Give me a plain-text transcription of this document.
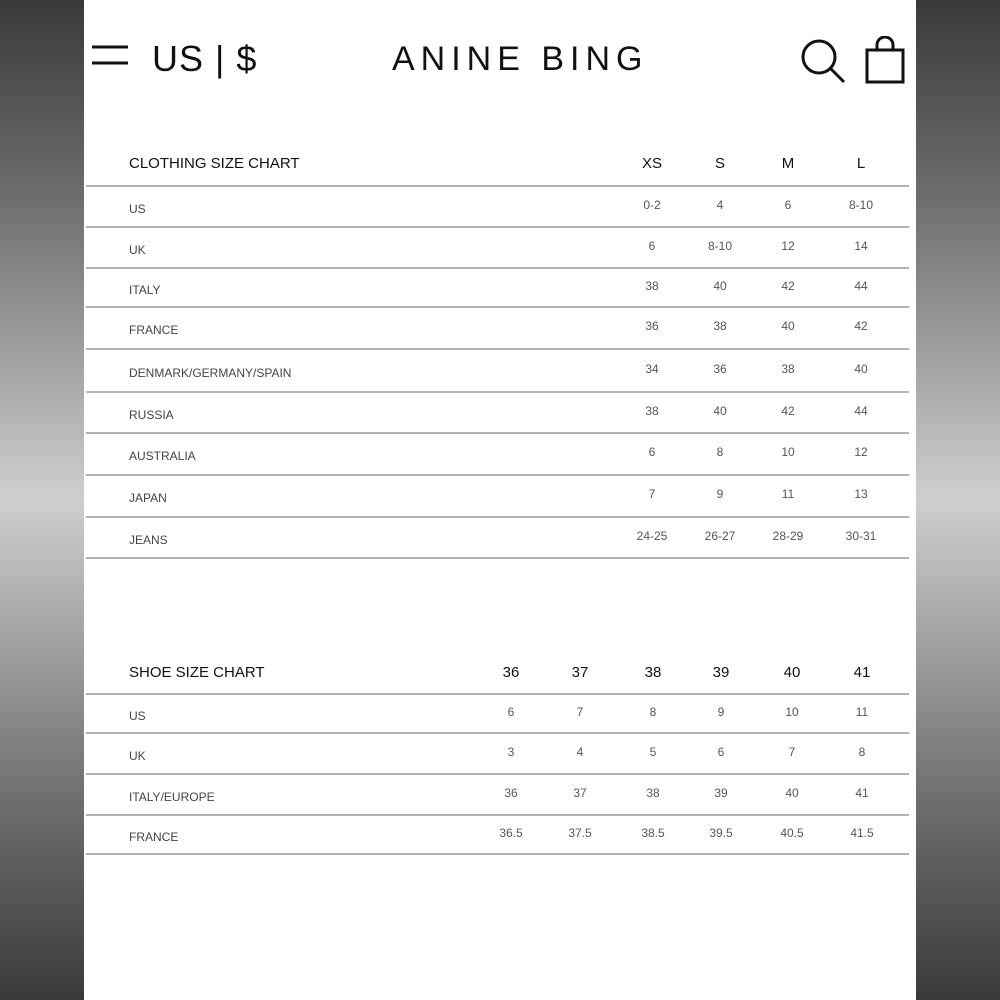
US | $	ANINE BING
CLOTHING SIZE CHART	XS	S	M	L
US	0-2	4	6	8-10
UK	6	8-10	12	14
ITALY	38	40	42	44
FRANCE	36	38	40	42
DENMARK/GERMANY/SPAIN	34	36	38	40
RUSSIA	38	40	42	44
AUSTRALIA	6	8	10	12
JAPAN	7	9	11	13
JEANS	24-25	26-27	28-29	30-31
SHOE SIZE CHART	36	37	38	39	40	41
US	6	7	8	9	10	11
UK	3	4	5	6	7	8
ITALY/EUROPE	36	37	38	39	40	41
FRANCE	36.5	37.5	38.5	39.5	40.5	41.5
